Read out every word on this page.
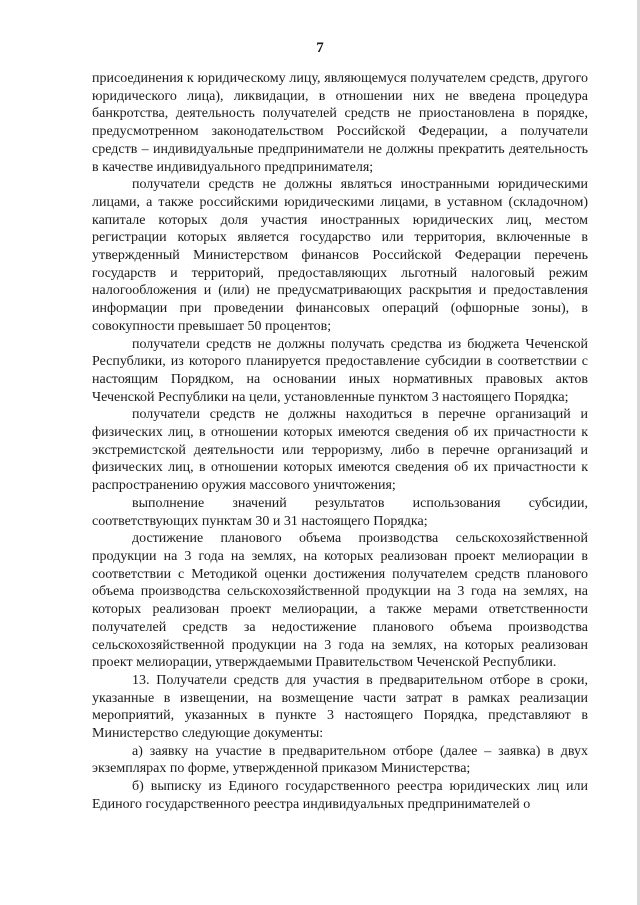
7

присоединения к юридическому лицу, являющемуся получателем средств, другого юридического лица), ликвидации, в отношении них не введена процедура банкротства, деятельность получателей средств не приостановлена в порядке, предусмотренном законодательством Российской Федерации, а получатели средств – индивидуальные предприниматели не должны прекратить деятельность в качестве индивидуального предпринимателя;

получатели средств не должны являться иностранными юридическими лицами, а также российскими юридическими лицами, в уставном (складочном) капитале которых доля участия иностранных юридических лиц, местом регистрации которых является государство или территория, включенные в утвержденный Министерством финансов Российской Федерации перечень государств и территорий, предоставляющих льготный налоговый режим налогообложения и (или) не предусматривающих раскрытия и предоставления информации при проведении финансовых операций (офшорные зоны), в совокупности превышает 50 процентов;

получатели средств не должны получать средства из бюджета Чеченской Республики, из которого планируется предоставление субсидии в соответствии с настоящим Порядком, на основании иных нормативных правовых актов Чеченской Республики на цели, установленные пунктом 3 настоящего Порядка;

получатели средств не должны находиться в перечне организаций и физических лиц, в отношении которых имеются сведения об их причастности к экстремистской деятельности или терроризму, либо в перечне организаций и физических лиц, в отношении которых имеются сведения об их причастности к распространению оружия массового уничтожения;

выполнение значений результатов использования субсидии, соответствующих пунктам 30 и 31 настоящего Порядка;

достижение планового объема производства сельскохозяйственной продукции на 3 года на землях, на которых реализован проект мелиорации в соответствии с Методикой оценки достижения получателем средств планового объема производства сельскохозяйственной продукции на 3 года на землях, на которых реализован проект мелиорации, а также мерами ответственности получателей средств за недостижение планового объема производства сельскохозяйственной продукции на 3 года на землях, на которых реализован проект мелиорации, утверждаемыми Правительством Чеченской Республики.

13. Получатели средств для участия в предварительном отборе в сроки, указанные в извещении, на возмещение части затрат в рамках реализации мероприятий, указанных в пункте 3 настоящего Порядка, представляют в Министерство следующие документы:

а) заявку на участие в предварительном отборе (далее – заявка) в двух экземплярах по форме, утвержденной приказом Министерства;

б) выписку из Единого государственного реестра юридических лиц или Единого государственного реестра индивидуальных предпринимателей о
